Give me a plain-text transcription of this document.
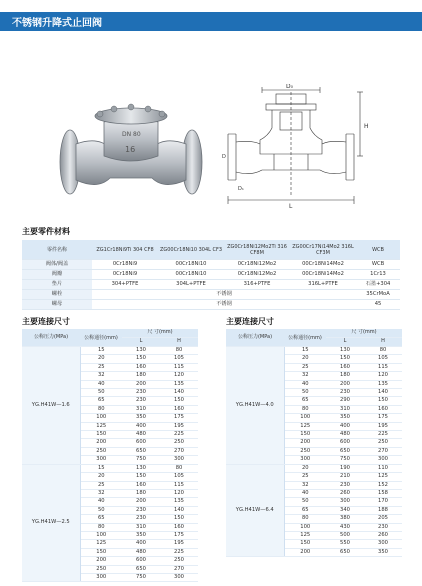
不锈钢升降式止回阀
DN 80
16
D₀
H
L
D
D₁
主要零件材料
零件名称	ZG1Cr18Ni9Ti 304 CF8	ZG00Cr18Ni10 304L CF3	ZG0Cr18Ni12Mo2Ti 316 CF8M	ZG00Cr17Ni14Mo2 316L CF3M	WCB
阀体/阀盖	0Cr18Ni9	00Cr18Ni10	0Cr18Ni12Mo2	00Cr18Ni14Mo2	WCB
阀瓣	0Cr18Ni9	00Cr18Ni10	0Cr18Ni12Mo2	00Cr18Ni14Mo2	1Cr13
垫片	304+PTFE	304L+PTFE	316+PTFE	316L+PTFE	石墨+304
螺栓	不锈钢				35CrMoA
螺母	不锈钢				45
主要连接尺寸
公称压力(MPa)	公称通径(mm)	尺 寸(mm)	
		L	H
YG.H41W—1.6	15	130	80
	20	150	105
	25	160	115
	32	180	120
	40	200	135
	50	230	140
	65	230	150
	80	310	160
	100	350	175
	125	400	195
	150	480	225
	200	600	250
	250	650	270
	300	750	300
YG.H41W—2.5	15	130	80
	20	150	105
	25	160	115
	32	180	120
	40	200	135
	50	230	140
	65	230	150
	80	310	160
	100	350	175
	125	400	195
	150	480	225
	200	600	250
	250	650	270
	300	750	300
主要连接尺寸
公称压力(MPa)	公称通径(mm)	尺 寸(mm)	
		L	H
YG.H41W—4.0	15	130	80
	20	150	105
	25	160	115
	32	180	120
	40	200	135
	50	230	140
	65	290	150
	80	310	160
	100	350	175
	125	400	195
	150	480	225
	200	600	250
	250	650	270
	300	750	300
YG.H41W—6.4	20	190	110
	25	210	125
	32	230	152
	40	260	158
	50	300	170
	65	340	188
	80	380	205
	100	430	230
	125	500	260
	150	550	300
	200	650	350
